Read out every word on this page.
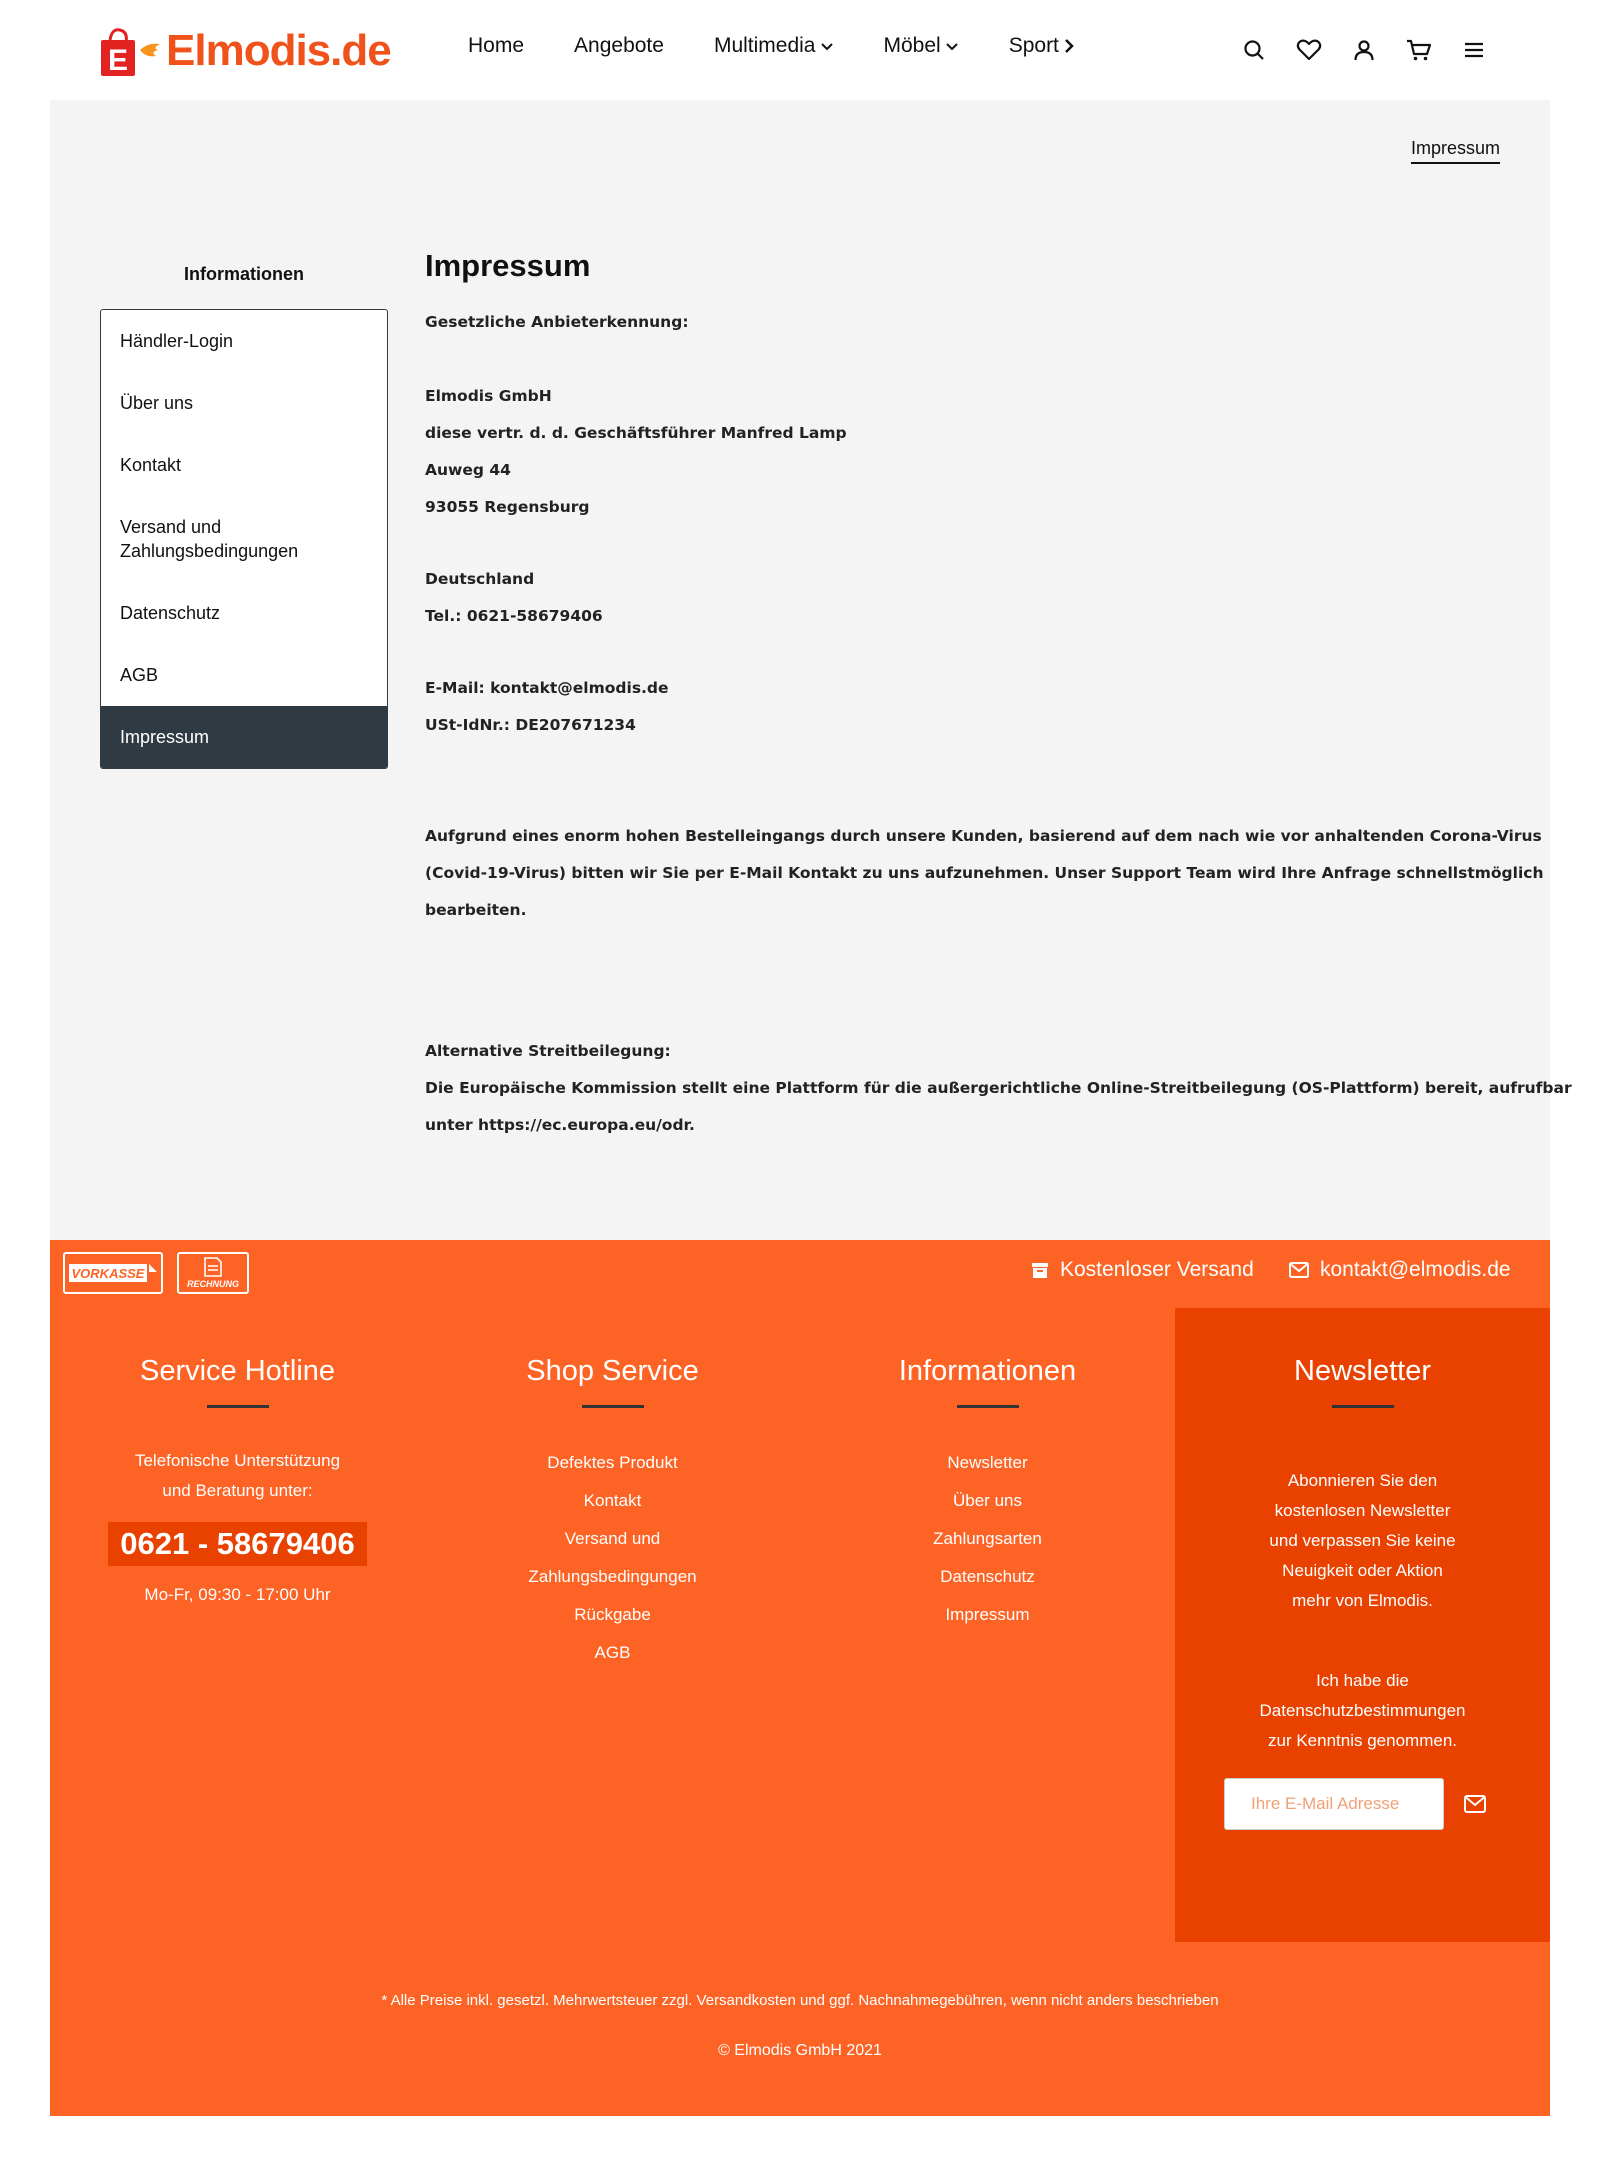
E Elmodis.de	Home Angebote Multimedia	Möbel	Sport
Impressum
Informationen
Händler-Login
Über uns
Kontakt
Versand und Zahlungsbedingungen
Datenschutz
AGB
Impressum
Impressum
Gesetzliche Anbieterkennung:
Elmodis GmbH
diese vertr. d. d. Geschäftsführer Manfred Lamp
Auweg 44
93055 Regensburg
Deutschland
Tel.: 0621-58679406
E-Mail: kontakt@elmodis.de
USt-IdNr.: DE207671234
Aufgrund eines enorm hohen Bestelleingangs durch unsere Kunden, basierend auf dem nach wie vor anhaltenden Corona-Virus
(Covid-19-Virus) bitten wir Sie per E-Mail Kontakt zu uns aufzunehmen. Unser Support Team wird Ihre Anfrage schnellstmöglich
bearbeiten.
Alternative Streitbeilegung:
Die Europäische Kommission stellt eine Plattform für die außergerichtliche Online-Streitbeilegung (OS-Plattform) bereit, aufrufbar
unter https://ec.europa.eu/odr.
VORKASSE
RECHNUNG
Kostenloser Versand	kontakt@elmodis.de
Service Hotline
Telefonische Unterstützung
und Beratung unter:
0621 - 58679406
Mo-Fr, 09:30 - 17:00 Uhr
Shop Service
Defektes Produkt
Kontakt
Versand und
Zahlungsbedingungen
Rückgabe
AGB
Informationen
Newsletter
Über uns
Zahlungsarten
Datenschutz
Impressum
Newsletter
Abonnieren Sie den
kostenlosen Newsletter
und verpassen Sie keine
Neuigkeit oder Aktion
mehr von Elmodis.
Ich habe die
Datenschutzbestimmungen
zur Kenntnis genommen.
Ihre E-Mail Adresse
* Alle Preise inkl. gesetzl. Mehrwertsteuer zzgl. Versandkosten und ggf. Nachnahmegebühren, wenn nicht anders beschrieben
© Elmodis GmbH 2021
